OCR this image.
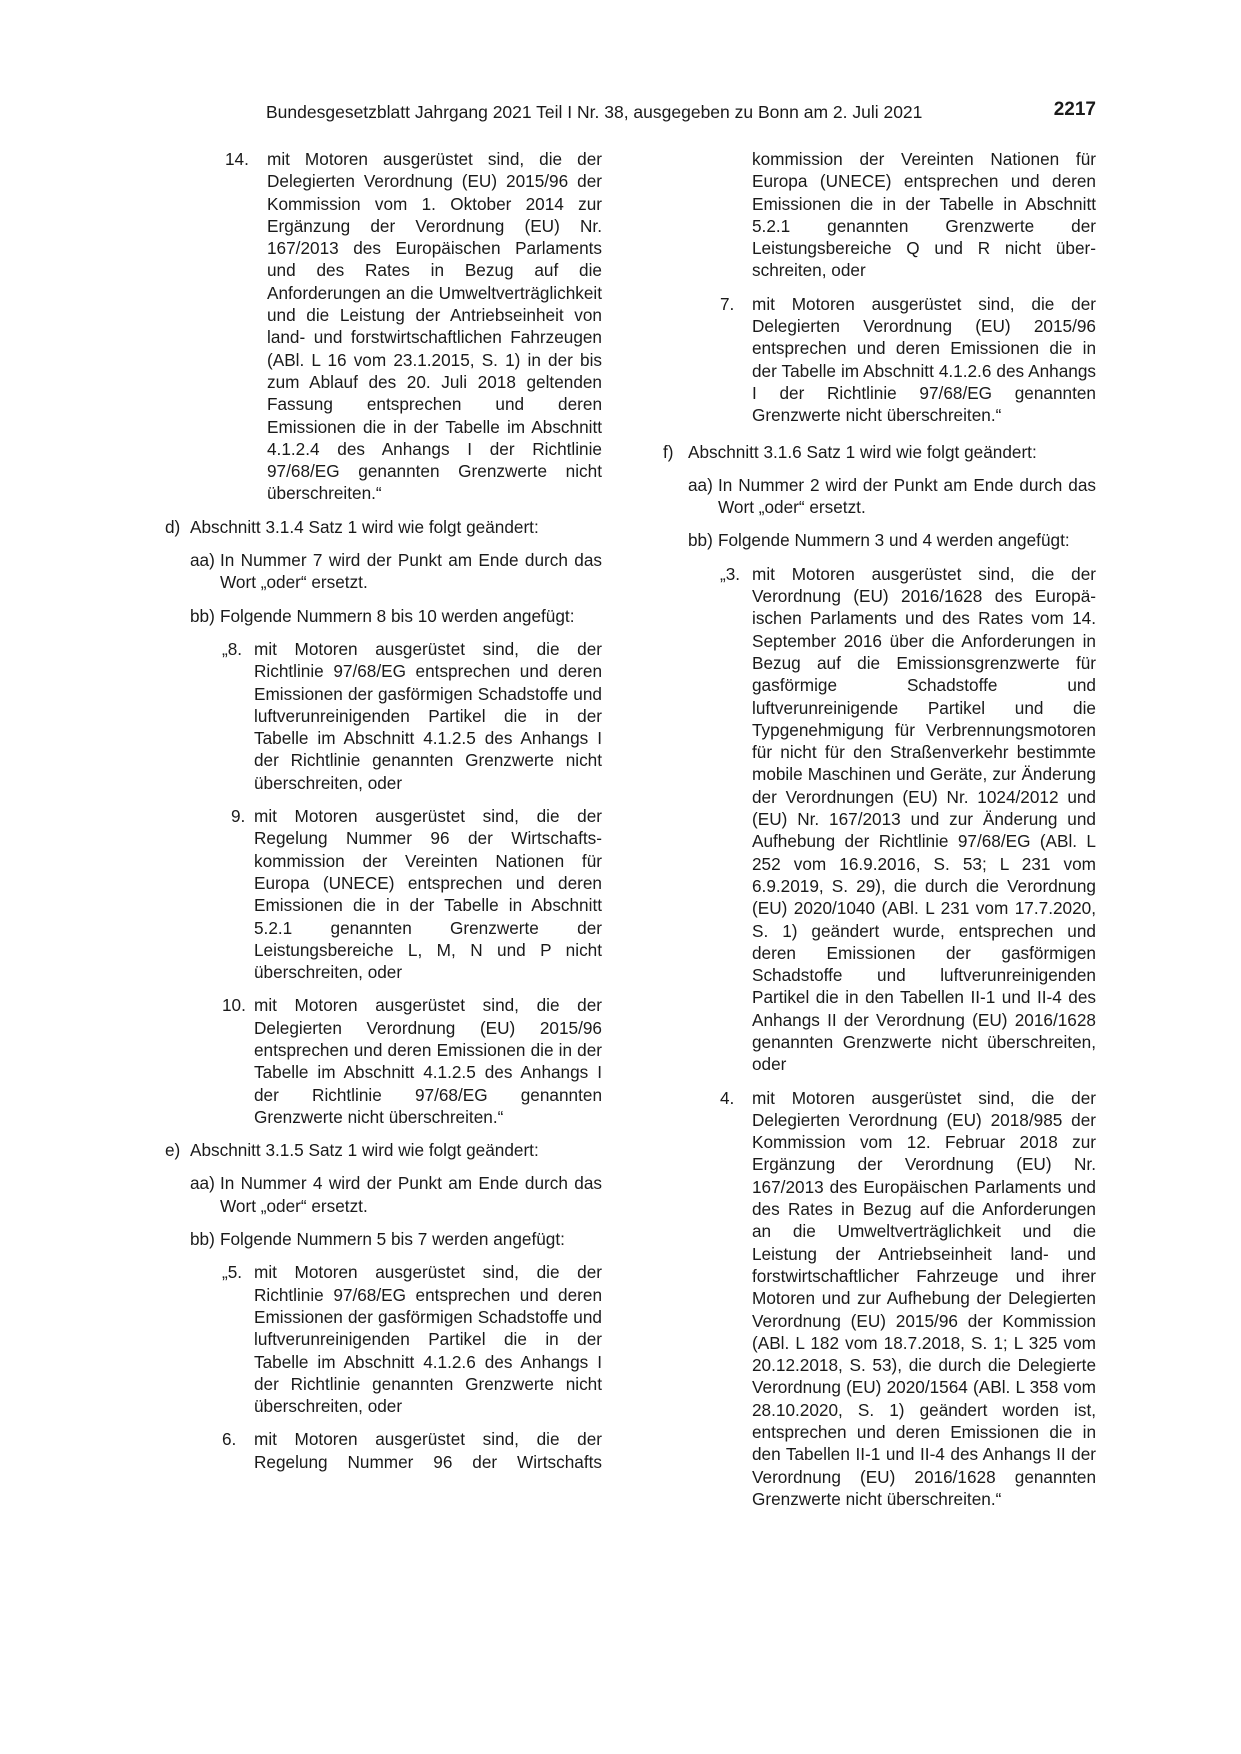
Bundesgesetzblatt Jahrgang 2021 Teil I Nr. 38, ausgegeben zu Bonn am 2. Juli 2021	2217
14. mit Motoren ausgerüstet sind, die der Delegierten Verordnung (EU) 2015/96 der Kommission vom 1. Oktober 2014 zur Ergänzung der Verordnung (EU) Nr. 167/2013 des Europäischen Parlaments und des Rates in Bezug auf die Anforderungen an die Umweltverträglichkeit und die Leistung der Antriebseinheit von land- und forstwirtschaftlichen Fahrzeugen (ABl. L 16 vom 23.1.2015, S. 1) in der bis zum Ablauf des 20. Juli 2018 geltenden Fassung entsprechen und deren Emissionen die in der Tabelle im Abschnitt 4.1.2.4 des Anhangs I der Richtlinie 97/68/EG genannten Grenzwerte nicht überschreiten.“
d) Abschnitt 3.1.4 Satz 1 wird wie folgt geändert:
aa) In Nummer 7 wird der Punkt am Ende durch das Wort „oder“ ersetzt.
bb) Folgende Nummern 8 bis 10 werden angefügt:
„8. mit Motoren ausgerüstet sind, die der Richtlinie 97/68/EG entsprechen und deren Emissionen der gasförmigen Schadstoffe und luftverunreinigenden Partikel die in der Tabelle im Abschnitt 4.1.2.5 des Anhangs I der Richtlinie genannten Grenzwerte nicht überschreiten, oder
9. mit Motoren ausgerüstet sind, die der Regelung Nummer 96 der Wirtschaftskommission der Vereinten Nationen für Europa (UNECE) entsprechen und deren Emissionen die in der Tabelle in Abschnitt 5.2.1 genannten Grenzwerte der Leistungsbereiche L, M, N und P nicht überschreiten, oder
10. mit Motoren ausgerüstet sind, die der Delegierten Verordnung (EU) 2015/96 entsprechen und deren Emissionen die in der Tabelle im Abschnitt 4.1.2.5 des Anhangs I der Richtlinie 97/68/EG genannten Grenzwerte nicht überschreiten.“
e) Abschnitt 3.1.5 Satz 1 wird wie folgt geändert:
aa) In Nummer 4 wird der Punkt am Ende durch das Wort „oder“ ersetzt.
bb) Folgende Nummern 5 bis 7 werden angefügt:
„5. mit Motoren ausgerüstet sind, die der Richtlinie 97/68/EG entsprechen und deren Emissionen der gasförmigen Schadstoffe und luftverunreinigenden Partikel die in der Tabelle im Abschnitt 4.1.2.6 des Anhangs I der Richtlinie genannten Grenzwerte nicht überschreiten, oder
6. mit Motoren ausgerüstet sind, die der Regelung Nummer 96 der Wirtschafts
kommission der Vereinten Nationen für Europa (UNECE) entsprechen und deren Emissionen die in der Tabelle in Abschnitt 5.2.1 genannten Grenzwerte der Leistungsbereiche Q und R nicht überschreiten, oder
7. mit Motoren ausgerüstet sind, die der Delegierten Verordnung (EU) 2015/96 entsprechen und deren Emissionen die in der Tabelle im Abschnitt 4.1.2.6 des Anhangs I der Richtlinie 97/68/EG genannten Grenzwerte nicht überschreiten.“
f) Abschnitt 3.1.6 Satz 1 wird wie folgt geändert:
aa) In Nummer 2 wird der Punkt am Ende durch das Wort „oder“ ersetzt.
bb) Folgende Nummern 3 und 4 werden angefügt:
„3. mit Motoren ausgerüstet sind, die der Verordnung (EU) 2016/1628 des Europäischen Parlaments und des Rates vom 14. September 2016 über die Anforderungen in Bezug auf die Emissionsgrenzwerte für gasförmige Schadstoffe und luftverunreinigende Partikel und die Typgenehmigung für Verbrennungsmotoren für nicht für den Straßenverkehr bestimmte mobile Maschinen und Geräte, zur Änderung der Verordnungen (EU) Nr. 1024/2012 und (EU) Nr. 167/2013 und zur Änderung und Aufhebung der Richtlinie 97/68/EG (ABl. L 252 vom 16.9.2016, S. 53; L 231 vom 6.9.2019, S. 29), die durch die Verordnung (EU) 2020/1040 (ABl. L 231 vom 17.7.2020, S. 1) geändert wurde, entsprechen und deren Emissionen der gasförmigen Schadstoffe und luftverunreinigenden Partikel die in den Tabellen II-1 und II-4 des Anhangs II der Verordnung (EU) 2016/1628 genannten Grenzwerte nicht überschreiten, oder
4. mit Motoren ausgerüstet sind, die der Delegierten Verordnung (EU) 2018/985 der Kommission vom 12. Februar 2018 zur Ergänzung der Verordnung (EU) Nr. 167/2013 des Europäischen Parlaments und des Rates in Bezug auf die Anforderungen an die Umweltverträglichkeit und die Leistung der Antriebseinheit land- und forstwirtschaftlicher Fahrzeuge und ihrer Motoren und zur Aufhebung der Delegierten Verordnung (EU) 2015/96 der Kommission (ABl. L 182 vom 18.7.2018, S. 1; L 325 vom 20.12.2018, S. 53), die durch die Delegierte Verordnung (EU) 2020/1564 (ABl. L 358 vom 28.10.2020, S. 1) geändert worden ist, entsprechen und deren Emissionen die in den Tabellen II-1 und II-4 des Anhangs II der Verordnung (EU) 2016/1628 genannten Grenzwerte nicht überschreiten.“
